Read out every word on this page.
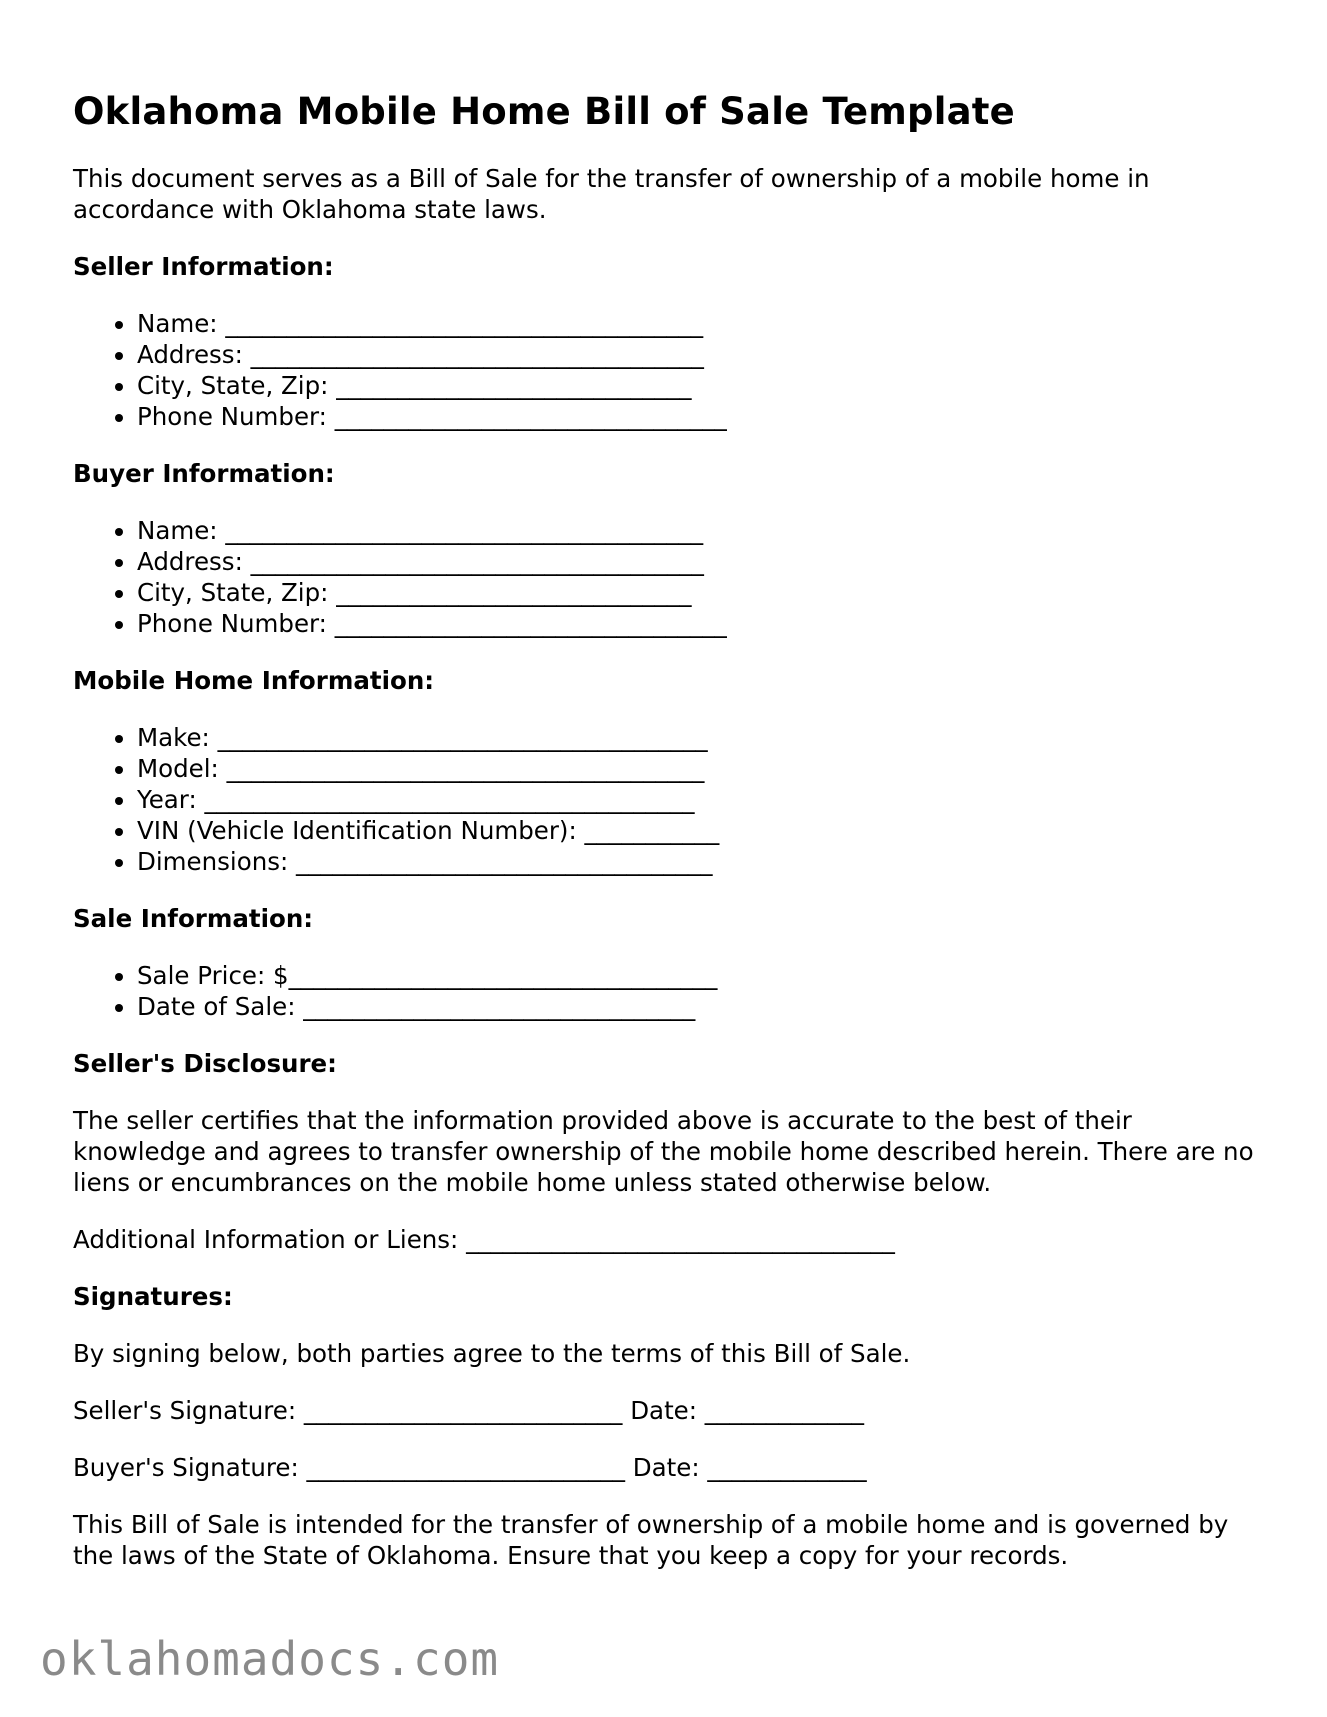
Oklahoma Mobile Home Bill of Sale Template

This document serves as a Bill of Sale for the transfer of ownership of a mobile home in accordance with Oklahoma state laws.

Seller Information:
• Name: _______________________________________
• Address: _____________________________________
• City, State, Zip: _____________________________
• Phone Number: ________________________________
Buyer Information:
• Name: _______________________________________
• Address: _____________________________________
• City, State, Zip: _____________________________
• Phone Number: ________________________________
Mobile Home Information:
• Make: ________________________________________
• Model: _______________________________________
• Year: ________________________________________
• VIN (Vehicle Identification Number): ___________
• Dimensions: __________________________________
Sale Information:
• Sale Price: $___________________________________
• Date of Sale: ________________________________
Seller's Disclosure:

The seller certifies that the information provided above is accurate to the best of their knowledge and agrees to transfer ownership of the mobile home described herein. There are no liens or encumbrances on the mobile home unless stated otherwise below.

Additional Information or Liens: ___________________________________
Signatures:

By signing below, both parties agree to the terms of this Bill of Sale.

Seller's Signature: __________________________ Date: _____________
Buyer's Signature: __________________________ Date: _____________

This Bill of Sale is intended for the transfer of ownership of a mobile home and is governed by the laws of the State of Oklahoma. Ensure that you keep a copy for your records.

oklahomadocs.com
